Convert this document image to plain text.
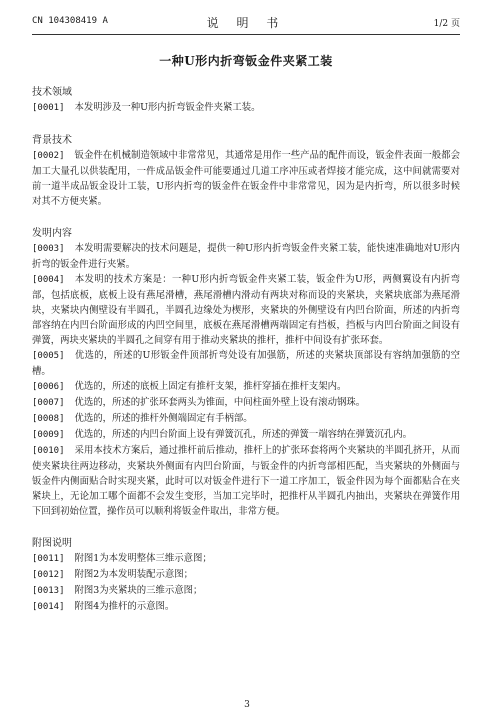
CN 104308419 A	说 明 书	1/2 页
一种U形内折弯钣金件夹紧工装

技术领域

[0001] 本发明涉及一种U形内折弯钣金件夹紧工装。

背景技术

[0002] 钣金件在机械制造领域中非常常见，其通常是用作一些产品的配件而设，钣金件表面一般都会加工大量孔以供装配用，一件成品钣金件可能要通过几道工序冲压或者焊接才能完成，这中间就需要对前一道半成品钣金设计工装，U形内折弯的钣金件在钣金件中非常常见，因为是内折弯，所以很多时候对其不方便夹紧。

发明内容

[0003] 本发明需要解决的技术问题是，提供一种U形内折弯钣金件夹紧工装，能快速准确地对U形内折弯的钣金件进行夹紧。

[0004] 本发明的技术方案是：一种U形内折弯钣金件夹紧工装，钣金件为U形，两侧翼设有内折弯部，包括底板，底板上设有燕尾滑槽，燕尾滑槽内滑动有两块对称而设的夹紧块，夹紧块底部为燕尾滑块，夹紧块内侧壁设有半圆孔，半圆孔边缘处为楔形，夹紧块的外侧壁设有内凹台阶面，所述的内折弯部容纳在内凹台阶面形成的内凹空间里，底板在燕尾滑槽两端固定有挡板，挡板与内凹台阶面之间设有弹簧，两块夹紧块的半圆孔之间穿有用于推动夹紧块的推杆，推杆中间设有扩张环套。

[0005] 优选的，所述的U形钣金件顶部折弯处设有加强筋，所述的夹紧块顶部设有容纳加强筋的空槽。

[0006] 优选的，所述的底板上固定有推杆支架，推杆穿插在推杆支架内。

[0007] 优选的，所述的扩张环套两头为锥面，中间柱面外壁上设有滚动钢珠。

[0008] 优选的，所述的推杆外侧端固定有手柄部。

[0009] 优选的，所述的内凹台阶面上设有弹簧沉孔，所述的弹簧一端容纳在弹簧沉孔内。

[0010] 采用本技术方案后，通过推杆前后推动，推杆上的扩张环套将两个夹紧块的半圆孔挤开，从而使夹紧块往两边移动，夹紧块外侧面有内凹台阶面，与钣金件的内折弯部相匹配，当夹紧块的外侧面与钣金件内侧面贴合时实现夹紧，此时可以对钣金件进行下一道工序加工，钣金件因为每个面都贴合在夹紧块上，无论加工哪个面都不会发生变形，当加工完毕时，把推杆从半圆孔内抽出，夹紧块在弹簧作用下回到初始位置，操作员可以顺利将钣金件取出，非常方便。

附图说明

[0011] 附图1为本发明整体三维示意图；

[0012] 附图2为本发明装配示意图；

[0013] 附图3为夹紧块的三维示意图；

[0014] 附图4为推杆的示意图。

3
